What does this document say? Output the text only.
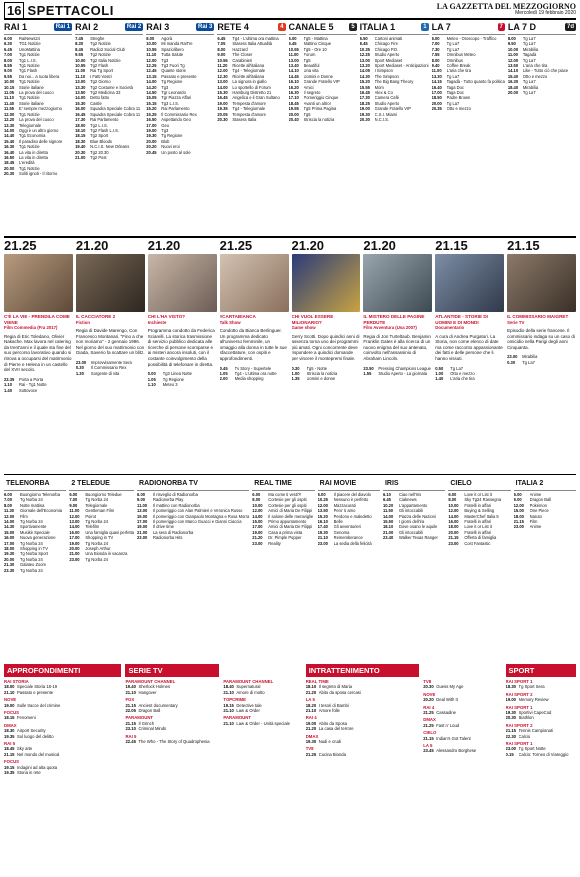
16 SPETTACOLI	LA GAZZETTA DEL MEZZOGIORNO
Mercoledì 19 febbraio 2020
RAI 1	Rai 1
6.00	RaiNews24
6.30	TG1 Notizie
6.45	UnoMattina
7.00	Tg1 Notizie
8.00	Tg1 L.I.S.
8.55	Tg1 Notizie
9.00	Tg1 Flash
9.55	Da noi... a ruota libera
10.00	Tg1 Notizie
10.15	Storie italiane
11.05	La prova del cuoco
11.10	Tg1 Notizie
11.40	Storie italiane
11.55	E' sempre mezzogiorno
12.00	Tg1 Notizie
12.20	La prova del cuoco
13.30	Telegiornale
14.00	Oggi è un altro giorno
14.40	Tg1 Economia
15.40	Il paradiso delle signore
16.30	Tg1 Notizie
16.40	La vita in diretta
16.50	La vita in diretta
18.45	L'eredità
20.00	Tg1 Notizie
20.30	Soliti ignoti - Il ritorno
RAI 2	Rai 2
7.45	Streghe
8.30	Tg2 Notizie
8.45	Radio2 Social Club
9.55	Tg2 Notizie
10.00	Tg2 Italia Notizie
10.55	Tg2 Flash
11.00	Rai Tg Sport
11.10	I Fatti Vostri
13.00	Tg2 Giorno
13.30	Tg2 Costume e Società
13.50	Tg2 Medicina 33
14.00	Detto fatto
15.30	Castle
16.00	Squadra Speciale Cobra 11
16.45	Squadra Speciale Cobra 11
17.30	Rai Parlamento
18.00	Tg2 L.I.S.
18.10	Tg2 Flash L.I.S.
18.15	Tg2 Sport
18.30	Blue Bloods
19.40	N.C.I.S. New Orleans
20.30	Tg2 20.30
21.00	Tg2 Post
RAI 3	Rai 3
8.00	Agorà
10.00	Mi manda RaiTre
10.55	Spaziolibero
11.10	Tutta Salute
12.00	Tg3
12.25	Tg3 Fuori Tg
12.45	Quante storie
13.15	Passato e presente
14.00	Tg Regione
14.20	Tg3
14.50	Tgr Leonardo
15.05	Tgr Piazza Affari
15.15	Tg3 L.I.S.
15.20	Rai Parlamento
15.25	Il Commissario Rex
16.50	Aspettando Geo
17.00	Geo
19.00	Tg3
19.30	Tg Regione
20.00	Blob
20.20	Nuovi eroi
20.45	Un posto al sole
RETE 4	4
6.45	Tg4 - L'ultima ora mattina
7.05	Stasera Italia Attualità
8.00	Hazzard
9.00	The Closer
10.55	Carabinieri
11.20	Ricette all'italiana
12.00	Tg4 - Telegiornale
12.30	Ricette all'italiana
13.00	La signora in giallo
14.00	Lo sportello di Forum
15.30	Hamburg Distretto 21
16.45	Angelica e il Gran Sultano
19.00	Tempesta d'amore
19.35	Tg4 - Telegiornale
20.05	Tempesta d'amore
20.30	Stasera Italia
CANALE 5	5
6.00	Tg5 - Mattina
6.45	Mattino Cinque
10.55	Tg5 - Ore 10
11.00	Forum
13.00	Tg5
13.40	Beautiful
14.10	Una vita
14.45	Uomini e Donne
16.10	Grande Fratello VIP
16.20	Amici
16.30	Il segreto
17.10	Pomeriggio Cinque
18.45	Avanti un altro!
19.55	Tg5 Prima Pagina
20.00	Tg5
20.40	Striscia la notizia
ITALIA 1	1
6.50	Cartoni animati
8.45	Chicago Fire
10.35	Chicago P.D.
12.25	Studio Aperto
13.00	Sport Mediaset
13.20	Sport Mediaset - Anticipazioni
14.05	I Simpson
14.30	The Simpson
15.20	The Big Bang Theory
15.55	Mom
16.45	Alex & Co
17.30	Camera Café
18.25	Studio Aperto
19.00	Grande Fratello VIP
19.30	C.S.I. Miami
20.30	N.C.I.S.
LA 7	7
6.00	Meteo - Oroscopo - Traffico
7.00	Tg La7
7.30	Tg La7
7.55	Omnibus Meteo
8.00	Omnibus
9.40	Coffee Break
11.00	L'aria che tira
13.30	Tg La7
14.15	Tagadà - Tutto quanto fa politica
16.40	Taga Doc
17.00	Taga Doc
18.50	Padre Brown
20.00	Tg La7
20.35	Otto e mezzo
LA 7 D	7d
8.00	Tg La7
9.50	Tg La7
10.00	Mirabilia
11.00	Tagadà
12.00	Tg La7
13.50	L'aria che tira
14.10	Like - Tutto ciò che piace
15.40	Otto e mezzo
16.30	Tg La7
18.40	Mirabilia
20.00	Tg La7
21.25
C'È LA VIE - PRENDILA COME VIENE
Film Commedia (Fra 2017)
Regia di Eric Toledano, Olivier Nakache. Max lavora nel catering da trent'anni e il quale sta fine del suo percorso lavorativo quando si ritrova a occuparsi del matrimonio di Pierre e Helena in un castello del XVII secolo.
23.35	Porta a Porta
1.10	Rai - Tg1 Notte
1.40	Sottovoce
21.20
IL CACCIATORE 2
Fiction
Regia di Davide Marengo, Con Francesco Montanari. "Fino a che non moriamo" - 2 gennaio 1996. Nel giorno del suo matrimonio con Giada, Saverio fa scattare un blitz.
23.00	Improvvisamente Sera
0.30	Il Commissario Rex
1.30	Sorgente di vita
21.20
CHI L'HA VISTO?
Inchieste
Programma condotto da Federica Sciarelli. La storica trasmissione di servizio pubblico dedicata alle ricerche di persone scomparse e ai misteri ancora insoluti, con il costante coinvolgimento della possibilità di telefonare in diretta.
0.00	Tg3 Linea Notte
1.05	Tg Regione
1.10	Meteo 3
21.25
#CARTABIANCA
Talk Show
Condotto da Bianca Berlinguer. Un programma dedicato all'universo femminile, un omaggio alla donna in tutte le sue sfaccettature, con ospiti e approfondimenti.
0.45	Tv Story - Supertele
1.05	Tg4 - L'ultima ora notte
2.00	Media shopping
21.20
CHI VUOL ESSERE MILIONARIO?
Game show
Gerry Scotti. Dopo quindici anni di assenza torna uno dei programmi più amati. Ogni concorrente deve rispondere a quindici domande per vincere il montepremi finale.
0.30	Tg5 - Notte
1.00	Striscia la notizia
1.35	Uomini e donne
21.20
IL MISTERO DELLE PAGINE PERDUTE
Film Avventura (Usa 2007)
Regia di Jon Turteltaub. Benjamin Franklin Gates è alla ricerca di un nuovo enigma del suo antenato, coinvolto nell'assassinio di Abraham Lincoln.
23.50	Pressing Champions League
1.55	Studio Aperto - La giornata
21.15
ATLANTIDE - STORIE DI UOMINI E DI MONDI
Documentario
A cura di Andrea Purgatori. La Storia, non come elenco di date ma come racconto appassionante dei fatti e delle persone che li hanno vissuti.
0.50	Tg La7
1.00	Otto e mezzo
1.40	L'aria che tira
21.15
IL COMMISSARIO MAIGRET
Serie TV
Episodio della serie francese. Il commissario indaga su un caso di omicidio nella Parigi degli anni Cinquanta.
23.00	Mirabilia
0.30	Tg La7
TELENORBA
6.00	Buongiorno Telenorba
7.00	Tg Norba 24
8.00	Notte mattina
11.30	Giornale dell'Economia
12.00	Film
14.00	Tg Norba 24
14.30	Sportivamente
15.00	Musikè Speciale
16.00	Nuova generazione
17.00	Tg Norba 24
18.00	Shopping in TV
19.30	Tg Norba Sport
20.00	Tg Norba 24
21.30	Galateo Zoom
23.30	Tg Norba 24
2 TELEDUE
6.00	Buongiorno Teledue
7.00	Tg Norba 24
9.00	Telegiornale
11.00	Gentleman Film
12.00	Poirot
13.00	Tg Norba 24
14.00	Telefilm
16.00	Una famiglia quasi perfetta
17.00	Shopping in TV
19.00	Tg Norba 24
20.00	Joseph Arthur
21.00	Una Bionda in vacanza
23.00	Tg Norba 24
RADIONORBA TV
6.00	Il risveglio di Radionorba
9.00	Radionorba Play
11.00	Il mattino con Radionorba
13.00	Il pomeriggio con Alan Palmieri e Veronica Russo
15.00	Il pomeriggio con Gianpaolo Montagna e Rosa Morra
17.00	Il pomeriggio con Marco Guacci e Gianni Ciaccia
19.00	Il drive time
21.00	La sera di Radionorba
23.00	Radionorba Hits
REAL TIME
6.00	Ma come ti vesti?!
8.00	Cortesie per gli ospiti
10.00	Cortesie per gli ospiti
12.00	Amici di Maria De Filippi
14.00	Il salone delle meraviglie
15.00	Primo appuntamento
17.00	Amici di Maria De Filippi
19.00	Casa a prima vista
21.20	Dr. Pimple Popper
23.00	Reality
RAI MOVIE
6.00	Il piacere del diavolo
10.25	Nessuno è perfetto
12.00	Mazzacurati
13.50	Pero' ti amo
15.20	Perdono e maledetto
16.10	Belle
17.40	Gli avventurieri
19.30	Genoma
21.10	Rememberance
23.00	La sedia della felicità
IRIS
6.10	Ciao nell'Iris
6.45	Ciaknews
10.20	L'appartamento
11.50	Gli intoccabili
14.00	Piazza delle Nazioni
15.50	I giorni dell'ira
18.10	Dove osano le aquile
21.00	Gli intoccabili
23.40	Walker Texas Ranger
CIELO
6.00	Love it or List it
8.00	Sky Tg24 Rassegna
10.00	Fratelli in affari
12.00	Buying & Selling
14.00	MasterChef Italia 5
16.00	Fratelli in affari
18.00	Love it or List it
20.00	Fratelli in affari
21.15	Offerta di famiglia
23.00	Cost Fantastic
ITALIA 2
6.00	Anime
9.00	Dragon Ball
12.00	Pokémon
15.00	One Piece
18.00	Naruto
21.15	Film
23.00	Anime
APPROFONDIMENTI
RAI STORIA
18.00 Speciale Storia 18-19
21.10 Passato e presente
NOVE
19.00 Sulle tracce del crimine
FOCUS
18.15 Fenomeni
DMAX
18.30 Airport Security
19.35 Sul luogo del delitto
RAI 5
18.45 Sky arte
21.15 Nel mondo del musical
FOCUS
19.15 Indagini ad alta quota
19.35 Storia in rete
SERIE TV
PARAMOUNT CHANNEL
19.40 Sherlock Holmes
21.10 Hangover
FOX
21.15 Ancient documentary
22.05 Dragon Ball
PARAMOUNT
21.15 Il Grinch
23.10 Criminal Minds
RAI 5
22.45 The Who - The Story of Quadrophenia
PARAMOUNT CHANNEL
18.40 Supernatural
21.10 Amore di molto
TOPCRIME
19.15 Detective tale
21.10 Law & Order
PARAMOUNT
21.10 Law & Order - Unità speciale
INTRATTENIMENTO
REAL TIME
18.10 Il segreto di Maria
21.20 Abito da sposa cercasi
LA 5
18.20 I tesori di Bambi
21.10 Amore folle
RAI 4
19.00 Abito da Sposa
21.20 La casa del terrore
DMAX
19.30 Nudi e crudi
TV8
21.25 Cucina Bionda
TV8
20.30 Guess My Age
NOVE
20.20 Deal With It
RAI 4
21.25 Cassadine
DMAX
21.25 Fast n' Loud
CIELO
21.15 Indian's Got Talent
LA 5
23.45 Alessandro Borghese
SPORT
RAI SPORT 1
18.30 Tg Sport Sera
RAI SPORT 2
19.00 Memory Review
RAI SPORT 1
19.30 Sportivi CapeCod
20.30 Biathlon
RAI SPORT 2
21.15 Tennis Campionati
22.30 Calcio
RAI SPORT 1
23.00 Tg Sport Notte
0.15	Calcio: Torneo di Viareggio
